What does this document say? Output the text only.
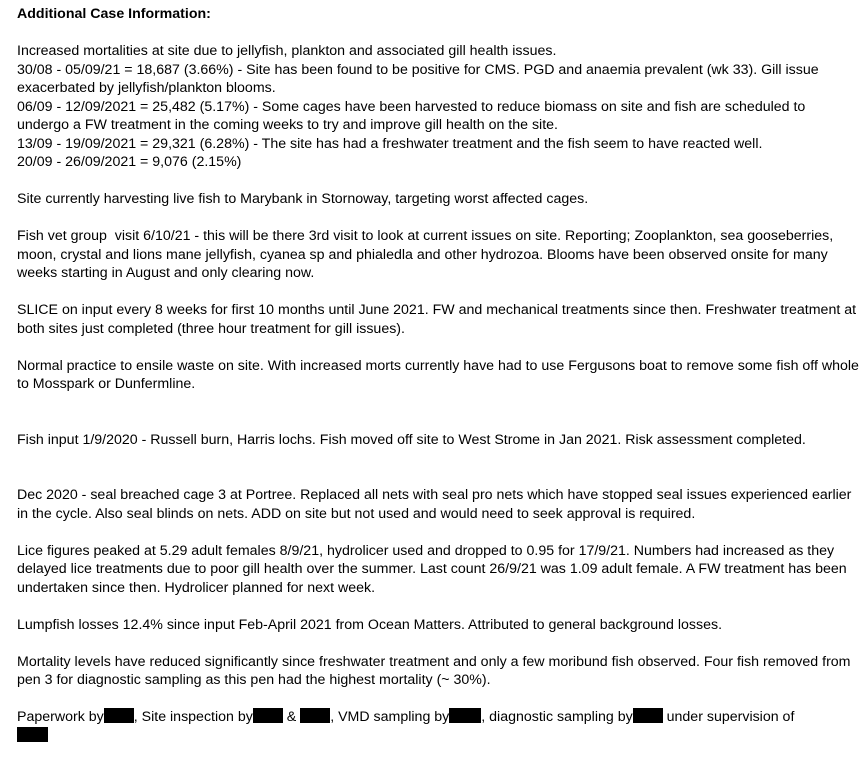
Additional Case Information:

Increased mortalities at site due to jellyfish, plankton and associated gill health issues.

30/08 - 05/09/21 = 18,687 (3.66%) - Site has been found to be positive for CMS. PGD and anaemia prevalent (wk 33). Gill issue exacerbated by jellyfish/plankton blooms.

06/09 - 12/09/2021 = 25,482 (5.17%) - Some cages have been harvested to reduce biomass on site and fish are scheduled to undergo a FW treatment in the coming weeks to try and improve gill health on the site.

13/09 - 19/09/2021 = 29,321 (6.28%) - The site has had a freshwater treatment and the fish seem to have reacted well.

20/09 - 26/09/2021 = 9,076 (2.15%)

Site currently harvesting live fish to Marybank in Stornoway, targeting worst affected cages.

Fish vet group  visit 6/10/21 - this will be there 3rd visit to look at current issues on site. Reporting; Zooplankton, sea gooseberries, moon, crystal and lions mane jellyfish, cyanea sp and phialedla and other hydrozoa. Blooms have been observed onsite for many weeks starting in August and only clearing now.

SLICE on input every 8 weeks for first 10 months until June 2021. FW and mechanical treatments since then. Freshwater treatment at both sites just completed (three hour treatment for gill issues).

Normal practice to ensile waste on site. With increased morts currently have had to use Fergusons boat to remove some fish off whole to Mosspark or Dunfermline.

Fish input 1/9/2020 - Russell burn, Harris lochs. Fish moved off site to West Strome in Jan 2021. Risk assessment completed.

Dec 2020 - seal breached cage 3 at Portree. Replaced all nets with seal pro nets which have stopped seal issues experienced earlier in the cycle. Also seal blinds on nets. ADD on site but not used and would need to seek approval is required.

Lice figures peaked at 5.29 adult females 8/9/21, hydrolicer used and dropped to 0.95 for 17/9/21. Numbers had increased as they delayed lice treatments due to poor gill health over the summer. Last count 26/9/21 was 1.09 adult female. A FW treatment has been undertaken since then. Hydrolicer planned for next week.

Lumpfish losses 12.4% since input Feb-April 2021 from Ocean Matters. Attributed to general background losses.

Mortality levels have reduced significantly since freshwater treatment and only a few moribund fish observed. Four fish removed from pen 3 for diagnostic sampling as this pen had the highest mortality (~ 30%).

Paperwork by , Site inspection by & , VMD sampling by , diagnostic sampling by under supervision of
